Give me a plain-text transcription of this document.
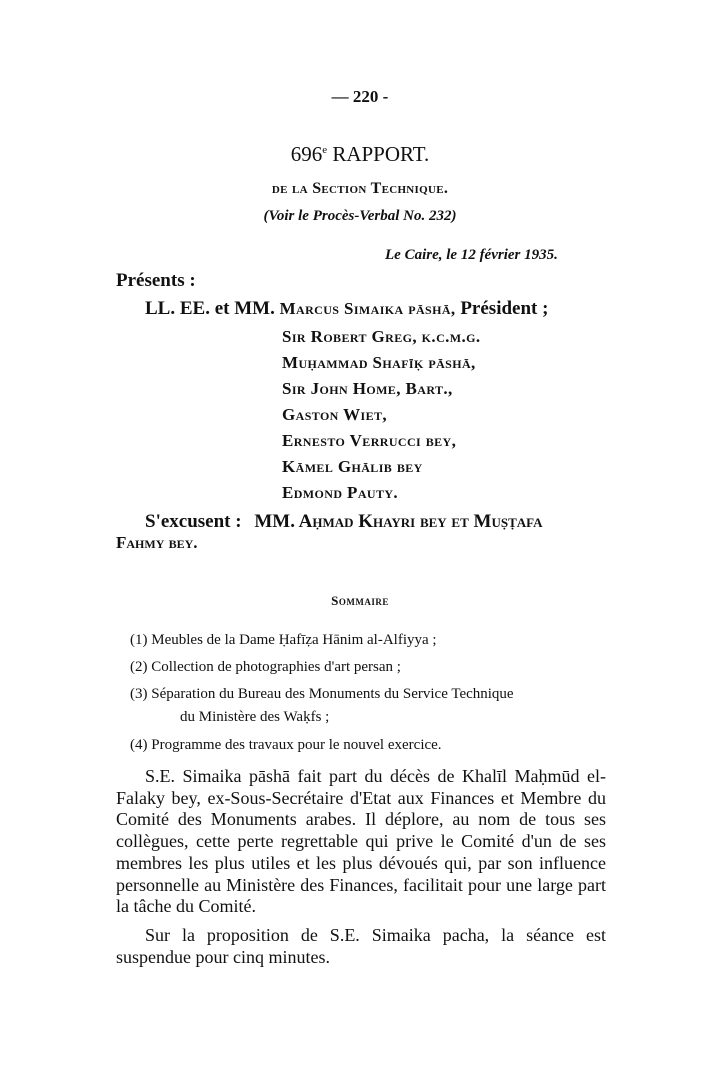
— 220 -
696e RAPPORT.
de la Section Technique.
(Voir le Procès-Verbal No. 232)
Le Caire, le 12 février 1935.
Présents :
LL. EE. et MM. Marcus Simaika pāshā, Président ;
Sir Robert Greg, k.c.m.g.
Muḥammad Shafīḳ pāshā,
Sir John Home, Bart.,
Gaston Wiet,
Ernesto Verrucci bey,
Kāmel Ghālib bey
Edmond Pauty.
S'excusent : MM. Aḥmad Khayri bey et Muṣṭafa
Fahmy bey.
Sommaire
(1) Meubles de la Dame Ḥafīẓa Hānim al-Alfiyya ;
(2) Collection de photographies d'art persan ;
(3) Séparation du Bureau des Monuments du Service Technique
du Ministère des Waḳfs ;
(4) Programme des travaux pour le nouvel exercice.
S.E. Simaika pāshā fait part du décès de Khalīl Maḥmūd el-Falaky bey, ex-Sous-Secrétaire d'Etat aux Finances et Membre du Comité des Monuments arabes. Il déplore, au nom de tous ses collègues, cette perte regrettable qui prive le Comité d'un de ses membres les plus utiles et les plus dévoués qui, par son influence personnelle au Ministère des Finances, facilitait pour une large part la tâche du Comité.
Sur la proposition de S.E. Simaika pacha, la séance est suspendue pour cinq minutes.
